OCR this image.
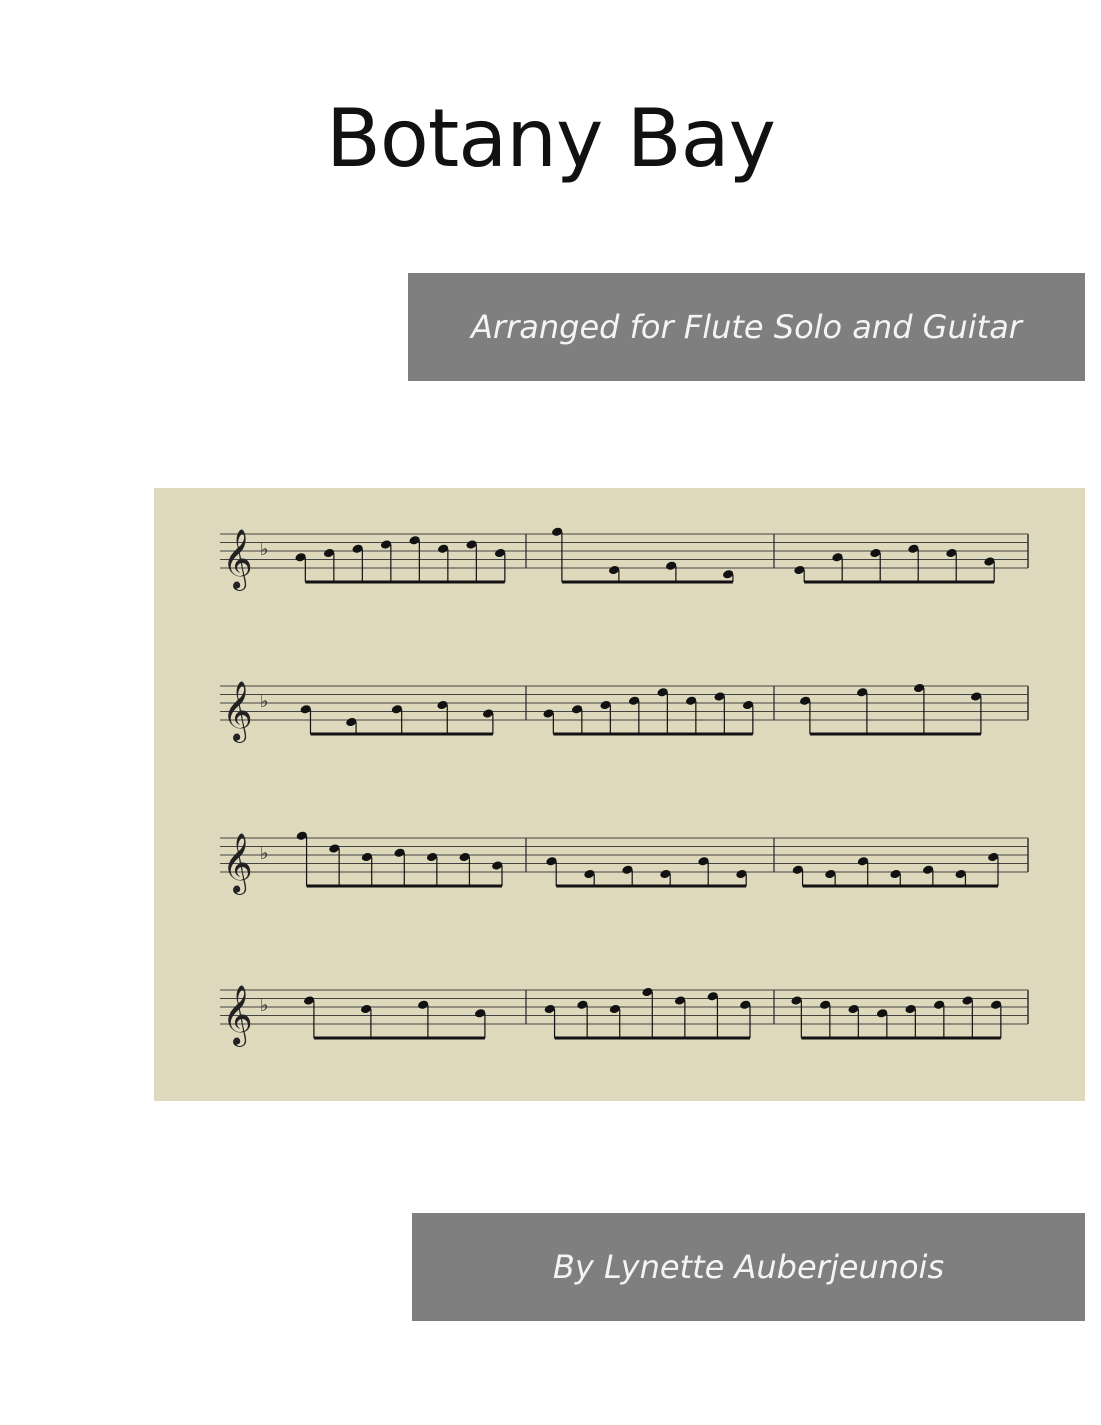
Botany Bay
Arranged for Flute Solo and Guitar
𝄞 ♭
𝄞 ♭
𝄞 ♭
𝄞 ♭
By Lynette Auberjeunois
